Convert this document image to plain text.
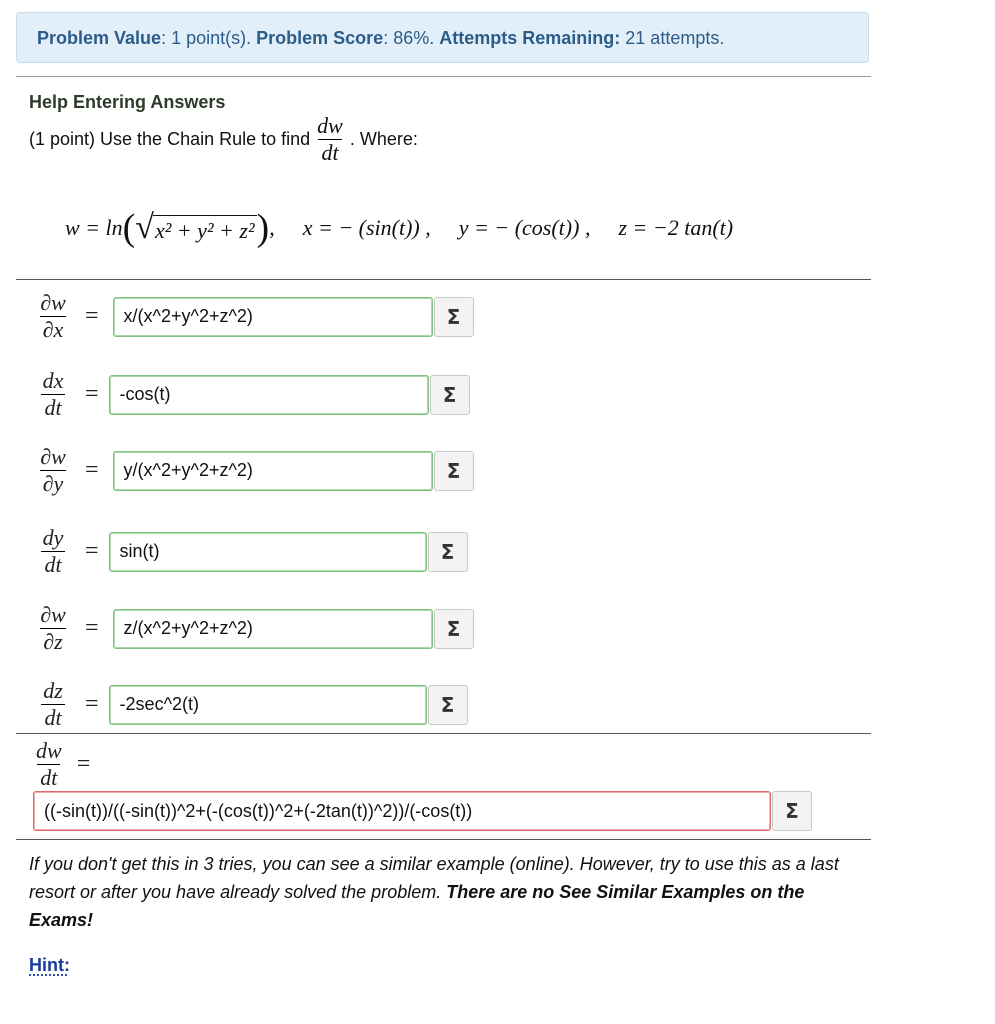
Problem Value: 1 point(s). Problem Score: 86%. Attempts Remaining: 21 attempts.
Help Entering Answers
(1 point) Use the Chain Rule to find $\frac{dw}{dt}$ . Where:
w = ln ( √ x² + y² + z² ) , x = − (sin(t)) , y = − (cos(t)) , z = −2 tan(t)
$\frac{\partial w}{\partial x}$ =	x/(x^2+y^2+z^2)	Σ
$\frac{dx}{dt}$ =	-cos(t)	Σ
$\frac{\partial w}{\partial y}$ =	y/(x^2+y^2+z^2)	Σ
$\frac{dy}{dt}$ =	sin(t)	Σ
$\frac{\partial w}{\partial z}$ =	z/(x^2+y^2+z^2)	Σ
$\frac{dz}{dt}$ =	-2sec^2(t)	Σ
$\frac{dw}{dt}$ =
((-sin(t))/((-sin(t))^2+(-(cos(t))^2+(-2tan(t))^2))/(-cos(t))	Σ
If you don't get this in 3 tries, you can see a similar example (online). However, try to use this as a last resort or after you have already solved the problem. There are no See Similar Examples on the Exams!
Hint:
